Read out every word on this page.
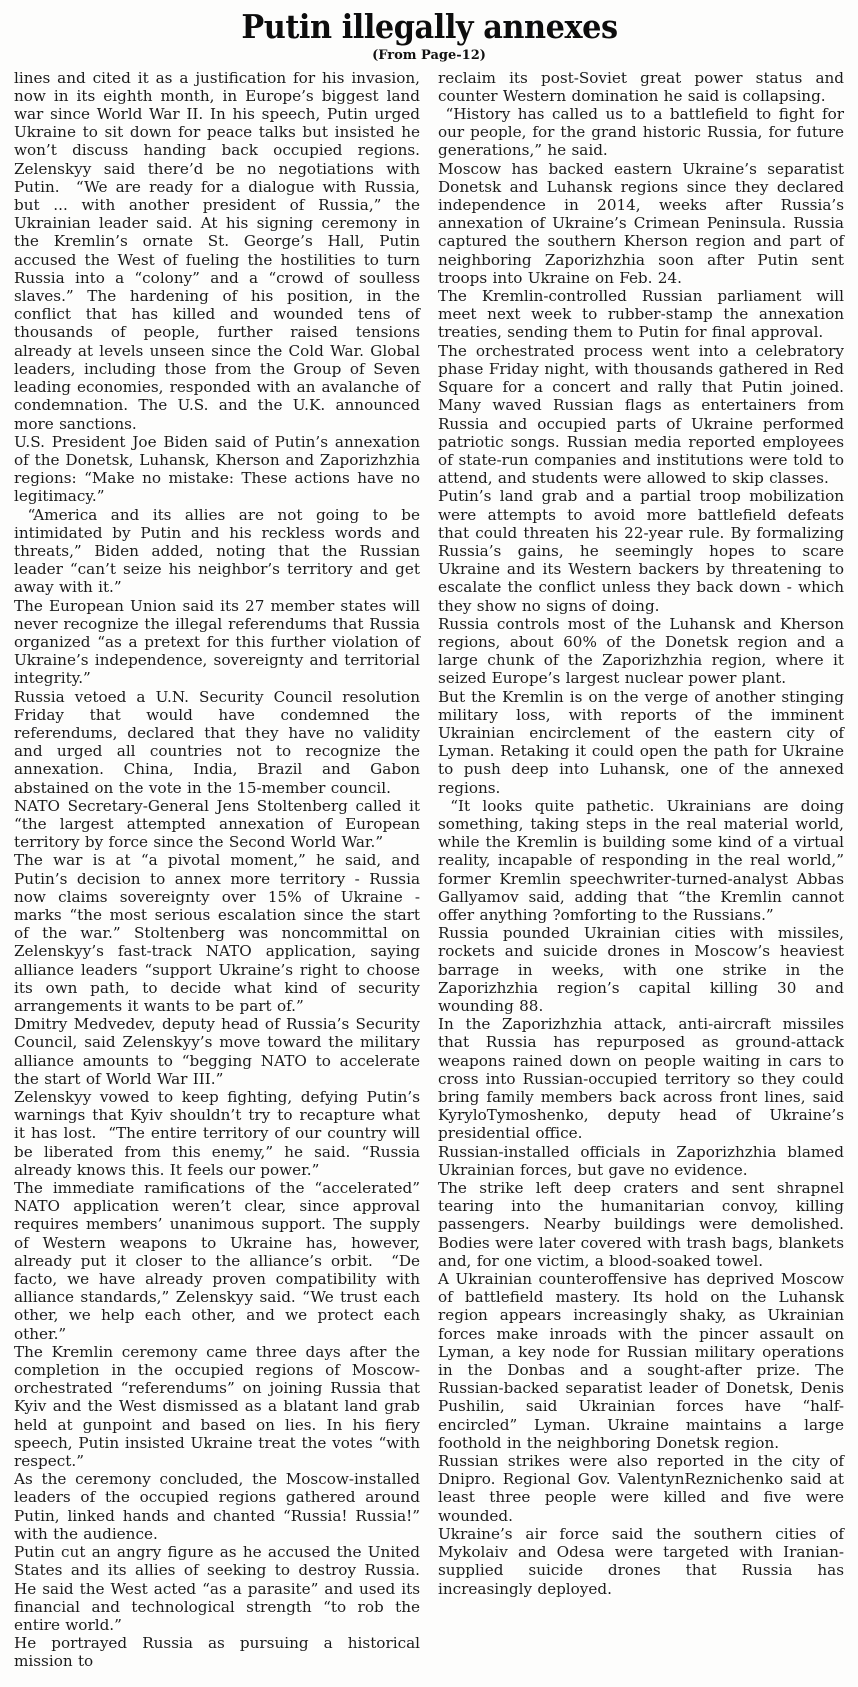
Putin illegally annexes
(From Page-12)

lines and cited it as a justification for his invasion, now in its eighth month, in Europe’s biggest land war since World War II. In his speech, Putin urged Ukraine to sit down for peace talks but insisted he won’t discuss handing back occupied regions. Zelenskyy said there’d be no negotiations with Putin.  “We are ready for a dialogue with Russia, but ... with another president of Russia,” the Ukrainian leader said. At his signing ceremony in the Kremlin’s ornate St. George’s Hall, Putin accused the West of fueling the hostilities to turn Russia into a “colony” and a “crowd of soulless slaves.” The hardening of his position, in the conflict that has killed and wounded tens of thousands of people, further raised tensions already at levels unseen since the Cold War. Global leaders, including those from the Group of Seven leading economies, responded with an avalanche of condemnation. The U.S. and the U.K. announced more sanctions.

U.S. President Joe Biden said of Putin’s annexation of the Donetsk, Luhansk, Kherson and Zaporizhzhia regions: “Make no mistake: These actions have no legitimacy.”

“America and its allies are not going to be intimidated by Putin and his reckless words and threats,” Biden added, noting that the Russian leader “can’t seize his neighbor’s territory and get away with it.”

The European Union said its 27 member states will never recognize the illegal referendums that Russia organized “as a pretext for this further violation of Ukraine’s independence, sovereignty and territorial integrity.”

Russia vetoed a U.N. Security Council resolution Friday that would have condemned the referendums, declared that they have no validity and urged all countries not to recognize the annexation. China, India, Brazil and Gabon abstained on the vote in the 15-member council.

NATO Secretary-General Jens Stoltenberg called it “the largest attempted annexation of European territory by force since the Second World War.”

The war is at “a pivotal moment,” he said, and Putin’s decision to annex more territory - Russia now claims sovereignty over 15% of Ukraine - marks “the most serious escalation since the start of the war.” Stoltenberg was noncommittal on Zelenskyy’s fast-track NATO application, saying alliance leaders “support Ukraine’s right to choose its own path, to decide what kind of security arrangements it wants to be part of.”

Dmitry Medvedev, deputy head of Russia’s Security Council, said Zelenskyy’s move toward the military alliance amounts to “begging NATO to accelerate the start of World War III.”

Zelenskyy vowed to keep fighting, defying Putin’s warnings that Kyiv shouldn’t try to recapture what it has lost.  “The entire territory of our country will be liberated from this enemy,” he said. “Russia already knows this. It feels our power.”

The immediate ramifications of the “accelerated” NATO application weren’t clear, since approval requires members’ unanimous support. The supply of Western weapons to Ukraine has, however, already put it closer to the alliance’s orbit.  “De facto, we have already proven compatibility with alliance standards,” Zelenskyy said. “We trust each other, we help each other, and we protect each other.”

The Kremlin ceremony came three days after the completion in the occupied regions of Moscow-orchestrated “referendums” on joining Russia that Kyiv and the West dismissed as a blatant land grab held at gunpoint and based on lies. In his fiery speech, Putin insisted Ukraine treat the votes “with respect.”

As the ceremony concluded, the Moscow-installed leaders of the occupied regions gathered around Putin, linked hands and chanted “Russia! Russia!” with the audience.

Putin cut an angry figure as he accused the United States and its allies of seeking to destroy Russia. He said the West acted “as a parasite” and used its financial and technological strength “to rob the entire world.”

He portrayed Russia as pursuing a historical mission to

reclaim its post-Soviet great power status and counter Western domination he said is collapsing.

“History has called us to a battlefield to fight for our people, for the grand historic Russia, for future generations,” he said.

Moscow has backed eastern Ukraine’s separatist Donetsk and Luhansk regions since they declared independence in 2014, weeks after Russia’s annexation of Ukraine’s Crimean Peninsula. Russia captured the southern Kherson region and part of neighboring Zaporizhzhia soon after Putin sent troops into Ukraine on Feb. 24.

The Kremlin-controlled Russian parliament will meet next week to rubber-stamp the annexation treaties, sending them to Putin for final approval.

The orchestrated process went into a celebratory phase Friday night, with thousands gathered in Red Square for a concert and rally that Putin joined. Many waved Russian flags as entertainers from Russia and occupied parts of Ukraine performed patriotic songs. Russian media reported employees of state-run companies and institutions were told to attend, and students were allowed to skip classes.

Putin’s land grab and a partial troop mobilization were attempts to avoid more battlefield defeats that could threaten his 22-year rule. By formalizing Russia’s gains, he seemingly hopes to scare Ukraine and its Western backers by threatening to escalate the conflict unless they back down - which they show no signs of doing.

Russia controls most of the Luhansk and Kherson regions, about 60% of the Donetsk region and a large chunk of the Zaporizhzhia region, where it seized Europe’s largest nuclear power plant.

But the Kremlin is on the verge of another stinging military loss, with reports of the imminent Ukrainian encirclement of the eastern city of Lyman. Retaking it could open the path for Ukraine to push deep into Luhansk, one of the annexed regions.

“It looks quite pathetic. Ukrainians are doing something, taking steps in the real material world, while the Kremlin is building some kind of a virtual reality, incapable of responding in the real world,” former Kremlin speechwriter-turned-analyst Abbas Gallyamov said, adding that “the Kremlin cannot offer anything ?omforting to the Russians.”

Russia pounded Ukrainian cities with missiles, rockets and suicide drones in Moscow’s heaviest barrage in weeks, with one strike in the Zaporizhzhia region’s capital killing 30 and wounding 88.

In the Zaporizhzhia attack, anti-aircraft missiles that Russia has repurposed as ground-attack weapons rained down on people waiting in cars to cross into Russian-occupied territory so they could bring family members back across front lines, said KyryloTymoshenko, deputy head of Ukraine’s presidential office.

Russian-installed officials in Zaporizhzhia blamed Ukrainian forces, but gave no evidence.

The strike left deep craters and sent shrapnel tearing into the humanitarian convoy, killing passengers. Nearby buildings were demolished. Bodies were later covered with trash bags, blankets and, for one victim, a blood-soaked towel.

A Ukrainian counteroffensive has deprived Moscow of battlefield mastery. Its hold on the Luhansk region appears increasingly shaky, as Ukrainian forces make inroads with the pincer assault on Lyman, a key node for Russian military operations in the Donbas and a sought-after prize. The Russian-backed separatist leader of Donetsk, Denis Pushilin, said Ukrainian forces have “half-encircled” Lyman. Ukraine maintains a large foothold in the neighboring Donetsk region.

Russian strikes were also reported in the city of Dnipro. Regional Gov. ValentynReznichenko said at least three people were killed and five were wounded.

Ukraine’s air force said the southern cities of Mykolaiv and Odesa were targeted with Iranian-supplied suicide drones that Russia has increasingly deployed.
